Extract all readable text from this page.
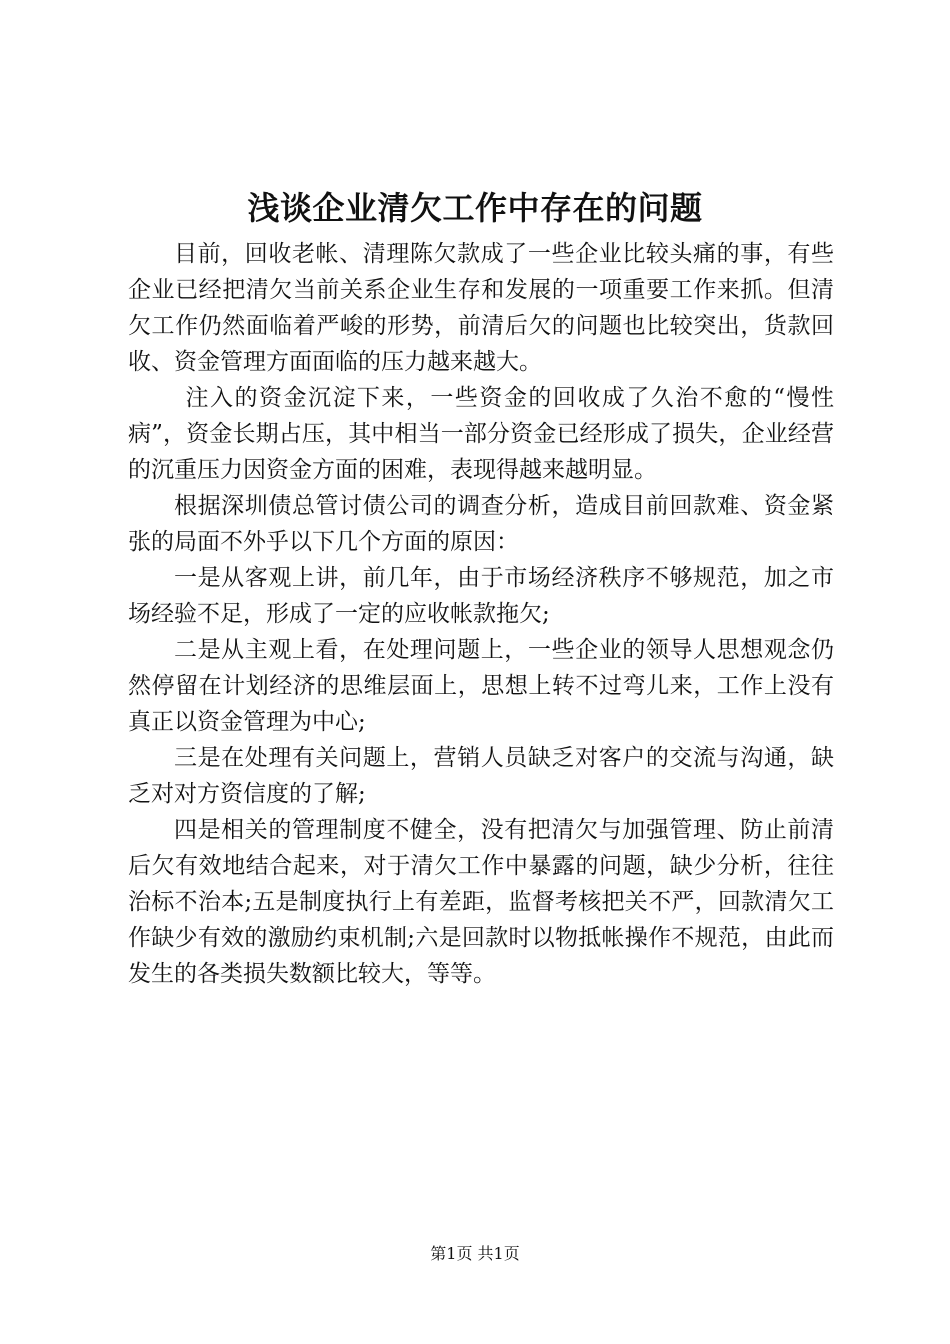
浅谈企业清欠工作中存在的问题

目前，回收老帐、清理陈欠款成了一些企业比较头痛的事，有些企业已经把清欠当前关系企业生存和发展的一项重要工作来抓。但清欠工作仍然面临着严峻的形势，前清后欠的问题也比较突出，货款回收、资金管理方面面临的压力越来越大。

注入的资金沉淀下来，一些资金的回收成了久治不愈的“慢性病”，资金长期占压，其中相当一部分资金已经形成了损失，企业经营的沉重压力因资金方面的困难，表现得越来越明显。

根据深圳债总管讨债公司的调查分析，造成目前回款难、资金紧张的局面不外乎以下几个方面的原因：

一是从客观上讲，前几年，由于市场经济秩序不够规范，加之市场经验不足，形成了一定的应收帐款拖欠;

二是从主观上看，在处理问题上，一些企业的领导人思想观念仍然停留在计划经济的思维层面上，思想上转不过弯儿来，工作上没有真正以资金管理为中心;

三是在处理有关问题上，营销人员缺乏对客户的交流与沟通，缺乏对对方资信度的了解;

四是相关的管理制度不健全，没有把清欠与加强管理、防止前清后欠有效地结合起来，对于清欠工作中暴露的问题，缺少分析，往往治标不治本;五是制度执行上有差距，监督考核把关不严，回款清欠工作缺少有效的激励约束机制;六是回款时以物抵帐操作不规范，由此而发生的各类损失数额比较大，等等。

第1页 共1页
